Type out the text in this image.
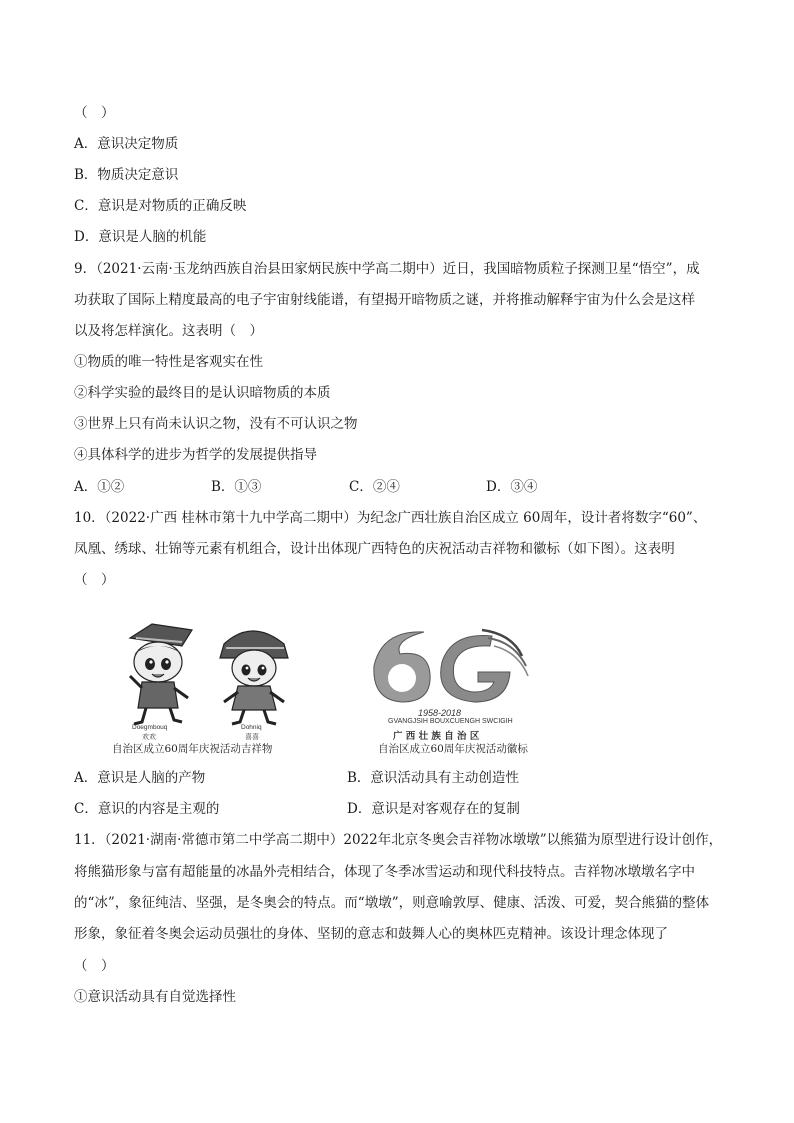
（　）
A．意识决定物质
B．物质决定意识
C．意识是对物质的正确反映
D．意识是人脑的机能
9．（2021·云南·玉龙纳西族自治县田家炳民族中学高二期中）近日，我国暗物质粒子探测卫星“悟空”，成
功获取了国际上精度最高的电子宇宙射线能谱，有望揭开暗物质之谜，并将推动解释宇宙为什么会是这样
以及将怎样演化。这表明（　）
①物质的唯一特性是客观实在性
②科学实验的最终目的是认识暗物质的本质
③世界上只有尚未认识之物，没有不可认识之物
④具体科学的进步为哲学的发展提供指导
A．①②	B．①③	C．②④	D．③④
10．（2022·广西 桂林市第十九中学高二期中）为纪念广西壮族自治区成立 60周年，设计者将数字“60”、
凤凰、绣球、壮锦等元素有机组合，设计出体现广西特色的庆祝活动吉祥物和徽标（如下图）。这表明
（　）
Doegmbouq
欢欢
Dohniq
喜喜
自治区成立60周年庆祝活动吉祥物
1958-2018
GVANGJSIH BOUXCUENGH SWCIGIH
广 西 壮 族 自 治 区
自治区成立60周年庆祝活动徽标
A．意识是人脑的产物	B．意识活动具有主动创造性
C．意识的内容是主观的	D．意识是对客观存在的复制
11．（2021·湖南·常德市第二中学高二期中）2022年北京冬奥会吉祥物冰墩墩”以熊猫为原型进行设计创作，
将熊猫形象与富有超能量的冰晶外壳相结合，体现了冬季冰雪运动和现代科技特点。吉祥物冰墩墩名字中
的“冰”，象征纯洁、坚强，是冬奥会的特点。而“墩墩”，则意喻敦厚、健康、活泼、可爱，契合熊猫的整体
形象，象征着冬奥会运动员强壮的身体、坚韧的意志和鼓舞人心的奥林匹克精神。该设计理念体现了
（　）
①意识活动具有自觉选择性
